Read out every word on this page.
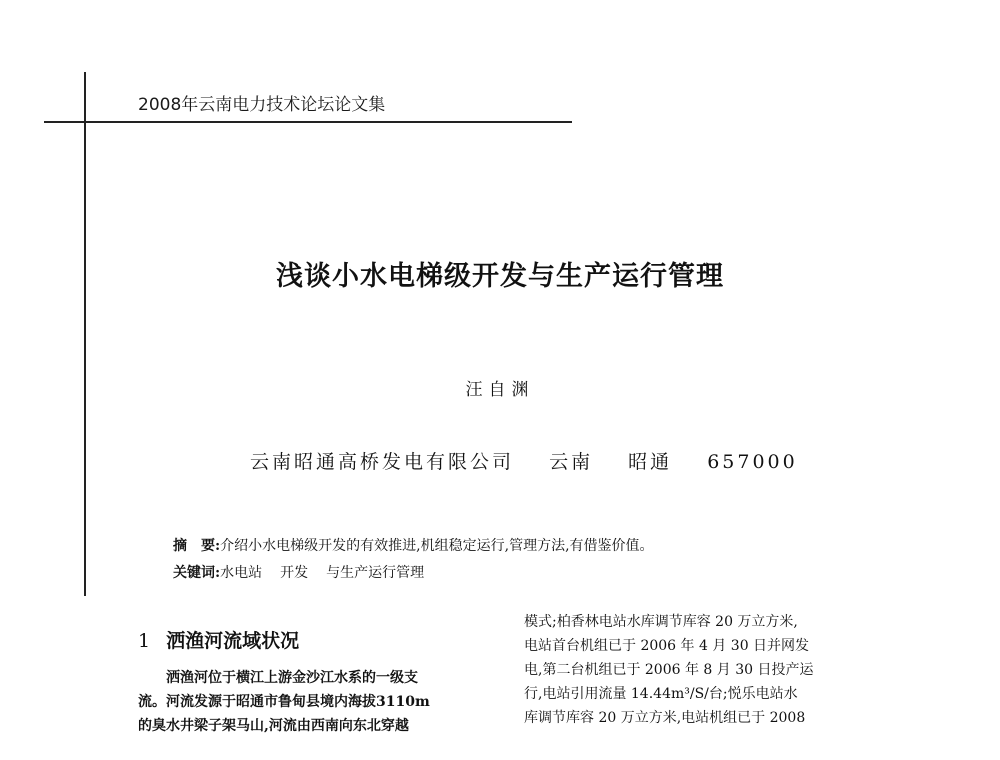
2008年云南电力技术论坛论文集
浅谈小水电梯级开发与生产运行管理
汪自渊
云南昭通高桥发电有限公司 云南 昭通 657000
摘　要:介绍小水电梯级开发的有效推进,机组稳定运行,管理方法,有借鉴价值。
关键词:水电站 开发 与生产运行管理
1 洒渔河流域状况
　　洒渔河位于横江上游金沙江水系的一级支
流。河流发源于昭通市鲁甸县境内海拔3110m
的臭水井梁子架马山,河流由西南向东北穿越
模式;柏香林电站水库调节库容 20 万立方米,
电站首台机组已于 2006 年 4 月 30 日并网发
电,第二台机组已于 2006 年 8 月 30 日投产运
行,电站引用流量 14.44m³/S/台;悦乐电站水
库调节库容 20 万立方米,电站机组已于 2008
